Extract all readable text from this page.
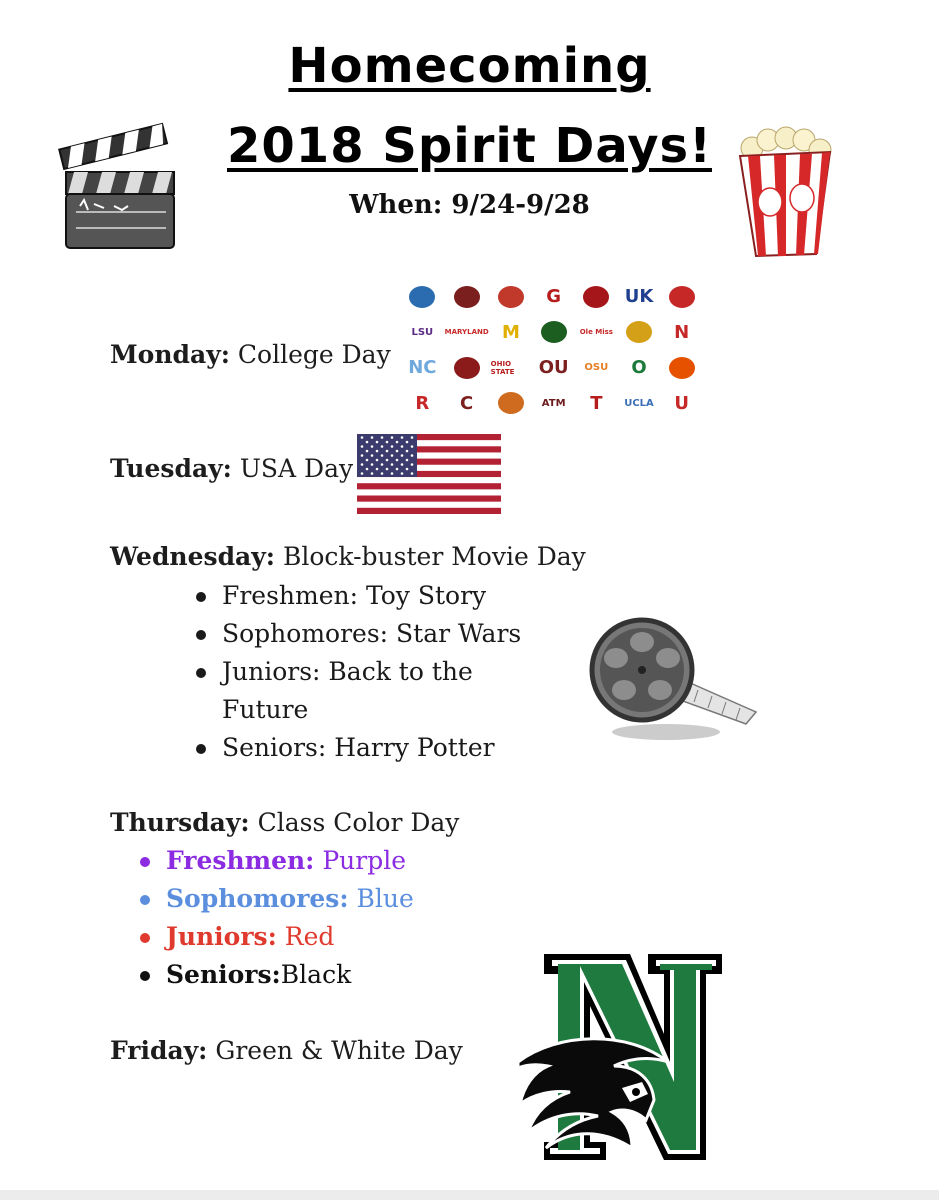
Homecoming
2018 Spirit Days!
When: 9/24-9/28
Monday: College Day
G	UK
LSU	MARYLAND M	Ole Miss	N
NC	OHIO STATE	OU	OSU	O
R	C	ATM	T	UCLA	U
Tuesday: USA Day
Wednesday: Block-buster Movie Day
Freshmen: Toy Story
Sophomores: Star Wars
Juniors: Back to the
Future
Seniors: Harry Potter
Thursday: Class Color Day
Freshmen: Purple
Sophomores: Blue
Juniors: Red
Seniors:Black
Friday: Green & White Day
